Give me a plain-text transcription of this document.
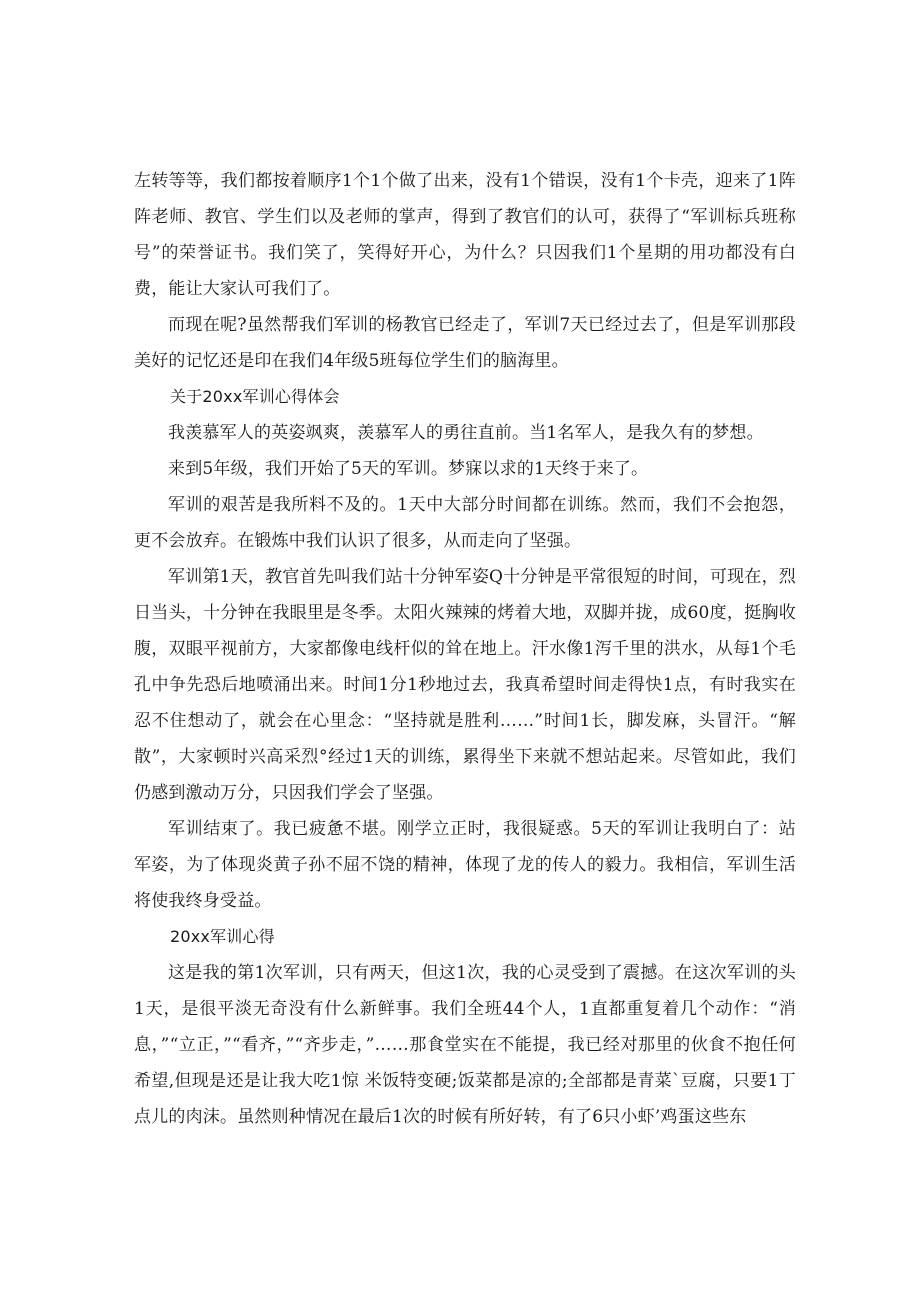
左转等等，我们都按着顺序1个1个做了出来，没有1个错误，没有1个卡壳，迎来了1阵阵老师、教官、学生们以及老师的掌声，得到了教官们的认可，获得了“军训标兵班称号”的荣誉证书。我们笑了，笑得好开心，为什么？只因我们1个星期的用功都没有白费，能让大家认可我们了。

而现在呢?虽然帮我们军训的杨教官已经走了，军训7天已经过去了，但是军训那段美好的记忆还是印在我们4年级5班每位学生们的脑海里。

关于20xx军训心得体会

我羡慕军人的英姿飒爽，羡慕军人的勇往直前。当1名军人，是我久有的梦想。

来到5年级，我们开始了5天的军训。梦寐以求的1天终于来了。

军训的艰苦是我所料不及的。1天中大部分时间都在训练。然而，我们不会抱怨，更不会放弃。在锻炼中我们认识了很多，从而走向了坚强。

军训第1天，教官首先叫我们站十分钟军姿Q十分钟是平常很短的时间，可现在，烈日当头，十分钟在我眼里是冬季。太阳火辣辣的烤着大地，双脚并拢，成60度，挺胸收腹，双眼平视前方，大家都像电线杆似的耸在地上。汗水像1泻千里的洪水，从每1个毛孔中争先恐后地喷涌出来。时间1分1秒地过去，我真希望时间走得快1点，有时我实在忍不住想动了，就会在心里念：“坚持就是胜利……”时间1长，脚发麻，头冒汗。“解散”，大家顿时兴高采烈°经过1天的训练，累得坐下来就不想站起来。尽管如此，我们仍感到激动万分，只因我们学会了坚强。

军训结束了。我已疲惫不堪。刚学立正时，我很疑惑。5天的军训让我明白了：站军姿，为了体现炎黄子孙不屈不饶的精神，体现了龙的传人的毅力。我相信，军训生活将使我终身受益。

20xx军训心得

这是我的第1次军训，只有两天，但这1次，我的心灵受到了震撼。在这次军训的头1天，是很平淡无奇没有什么新鲜事。我们全班44个人，1直都重复着几个动作：“消息，”“立正，”“看齐，”“齐步走，”……那食堂实在不能提，我已经对那里的伙食不抱任何希望,但现是还是让我大吃1惊 米饭特变硬;饭菜都是凉的;全部都是青菜`豆腐，只要1丁点儿的肉沫。虽然则种情况在最后1次的时候有所好转，有了6只小虾’鸡蛋这些东
